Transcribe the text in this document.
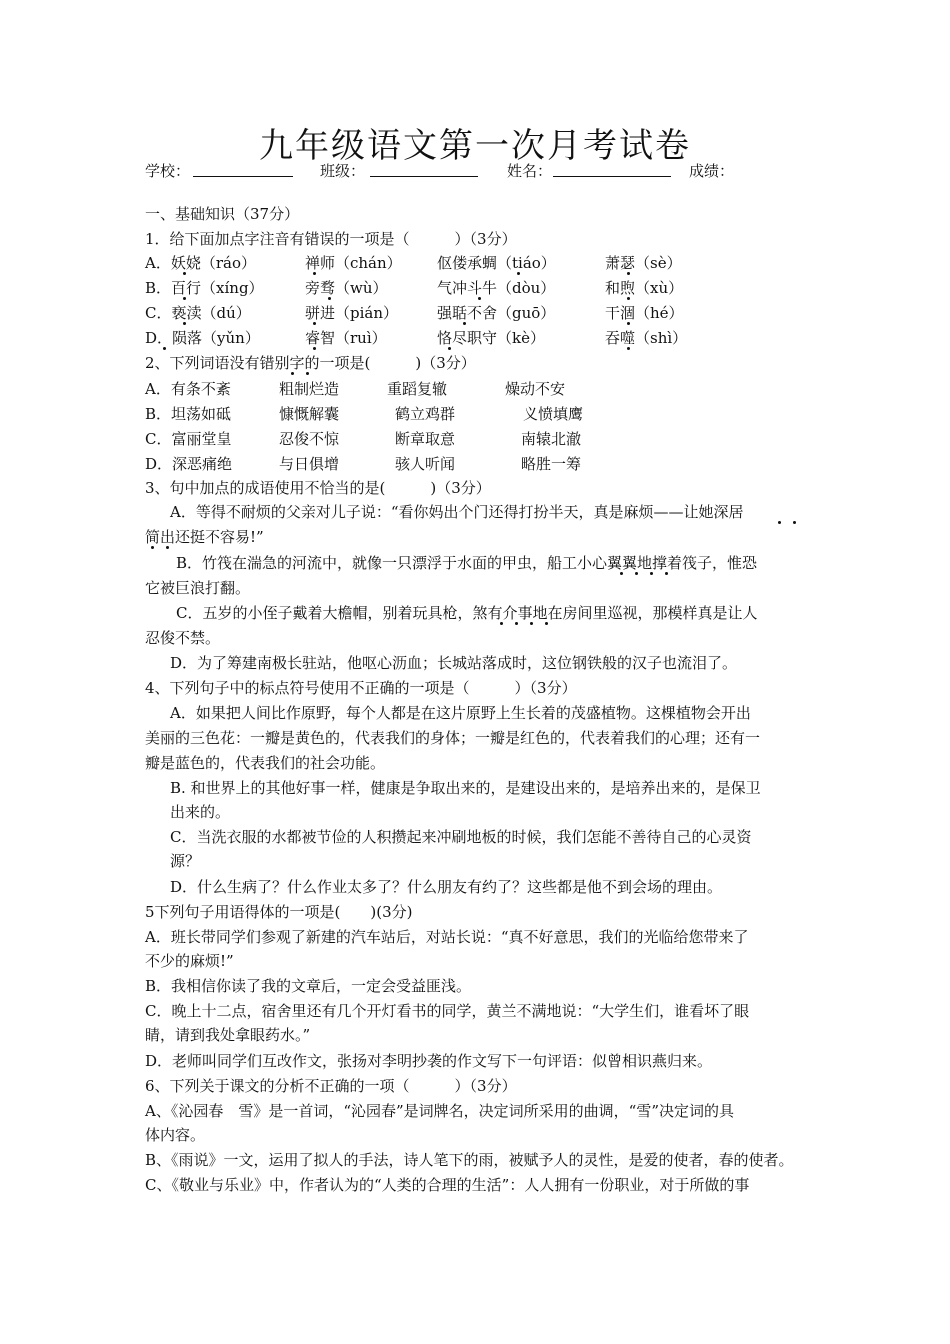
九年级语文第一次月考试卷
学校：	班级：	姓名：	成绩：
一、基础知识（37分）
1．给下面加点字注音有错误的一项是（　　　）（3分）
A．妖娆（ráo）	禅师（chán） 伛偻承蜩（tiáo）	萧瑟（sè）
B．百行（xíng）	旁骛（wù）	气冲斗牛（dòu）	和煦（xù）
C．亵渎（dú）	骈进（pián）	强聒不舍（guō）	干涸（hé）
D．陨落（yǔn）	睿智（ruì）	恪尽职守（kè）	吞噬（shì）
2、下列词语没有错别字的一项是(　　　)（3分）
A．有条不紊	粗制烂造	重蹈复辙	燥动不安
B．坦荡如砥	慷慨解囊	鹤立鸡群	义愤填鹰
C．富丽堂皇	忍俊不惊	断章取意	南辕北澈
D．深恶痛绝	与日俱增	骇人听闻	略胜一筹
3、句中加点的成语使用不恰当的是(　　　)（3分）
A．等得不耐烦的父亲对儿子说：“看你妈出个门还得打扮半天，真是麻烦——让她深居
简出还挺不容易!”
B．竹筏在湍急的河流中，就像一只漂浮于水面的甲虫，船工小心翼翼地撑着筏子，惟恐
它被巨浪打翻。
C．五岁的小侄子戴着大檐帽，别着玩具枪，煞有介事地在房间里巡视，那模样真是让人
忍俊不禁。
D．为了筹建南极长驻站，他呕心沥血；长城站落成时，这位钢铁般的汉子也流泪了。
4、下列句子中的标点符号使用不正确的一项是（　　　）（3分）
A．如果把人间比作原野，每个人都是在这片原野上生长着的茂盛植物。这棵植物会开出
美丽的三色花：一瓣是黄色的，代表我们的身体；一瓣是红色的，代表着我们的心理；还有一
瓣是蓝色的，代表我们的社会功能。
B. 和世界上的其他好事一样，健康是争取出来的，是建设出来的，是培养出来的，是保卫
出来的。
C．当洗衣服的水都被节俭的人积攒起来冲刷地板的时候，我们怎能不善待自己的心灵资
源？
D．什么生病了？什么作业太多了？什么朋友有约了？这些都是他不到会场的理由。
5下列句子用语得体的一项是(　　)(3分)
A．班长带同学们参观了新建的汽车站后，对站长说：“真不好意思，我们的光临给您带来了
不少的麻烦!”
B．我相信你读了我的文章后，一定会受益匪浅。
C．晚上十二点，宿舍里还有几个开灯看书的同学，黄兰不满地说：“大学生们，谁看坏了眼
睛，请到我处拿眼药水。”
D．老师叫同学们互改作文，张扬对李明抄袭的作文写下一句评语：似曾相识燕归来。
6、下列关于课文的分析不正确的一项（　　　）（3分）
A、《沁园春　雪》是一首词，“沁园春”是词牌名，决定词所采用的曲调，“雪”决定词的具
体内容。
B、《雨说》一文，运用了拟人的手法，诗人笔下的雨，被赋予人的灵性，是爱的使者，春的使者。
C、《敬业与乐业》中，作者认为的“人类的合理的生活”：人人拥有一份职业，对于所做的事
